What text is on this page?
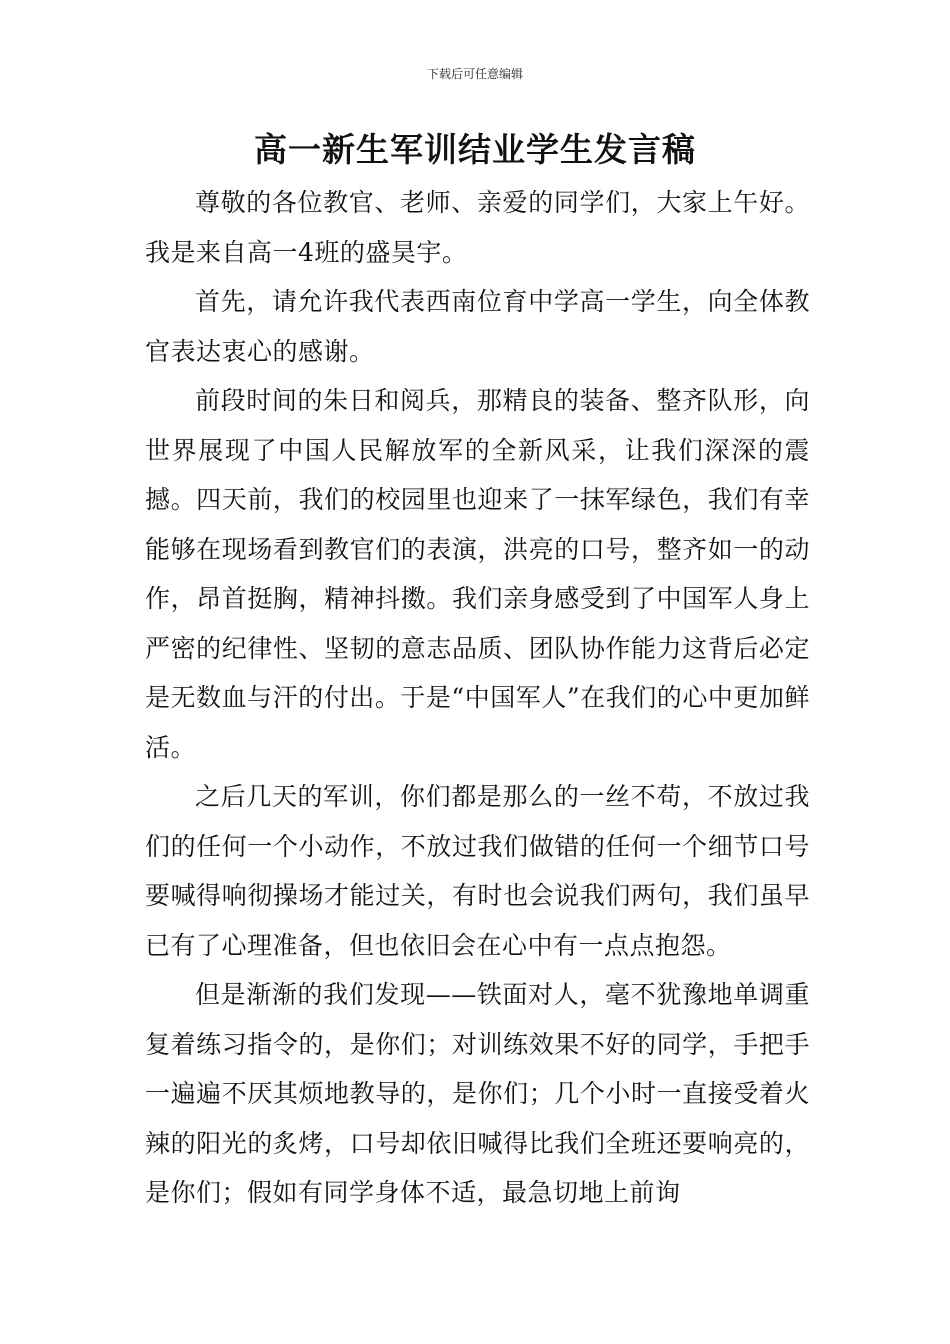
下载后可任意编辑
高一新生军训结业学生发言稿

尊敬的各位教官、老师、亲爱的同学们，大家上午好。我是来自高一4班的盛昊宇。

首先，请允许我代表西南位育中学高一学生，向全体教官表达衷心的感谢。

前段时间的朱日和阅兵，那精良的装备、整齐队形，向世界展现了中国人民解放军的全新风采，让我们深深的震撼。四天前，我们的校园里也迎来了一抹军绿色，我们有幸能够在现场看到教官们的表演，洪亮的口号，整齐如一的动作，昂首挺胸，精神抖擞。我们亲身感受到了中国军人身上严密的纪律性、坚韧的意志品质、团队协作能力这背后必定是无数血与汗的付出。于是“中国军人”在我们的心中更加鲜活。

之后几天的军训，你们都是那么的一丝不苟，不放过我们的任何一个小动作，不放过我们做错的任何一个细节口号要喊得响彻操场才能过关，有时也会说我们两句，我们虽早已有了心理准备，但也依旧会在心中有一点点抱怨。

但是渐渐的我们发现——铁面对人，毫不犹豫地单调重复着练习指令的，是你们；对训练效果不好的同学，手把手一遍遍不厌其烦地教导的，是你们；几个小时一直接受着火辣的阳光的炙烤，口号却依旧喊得比我们全班还要响亮的，是你们；假如有同学身体不适，最急切地上前询
